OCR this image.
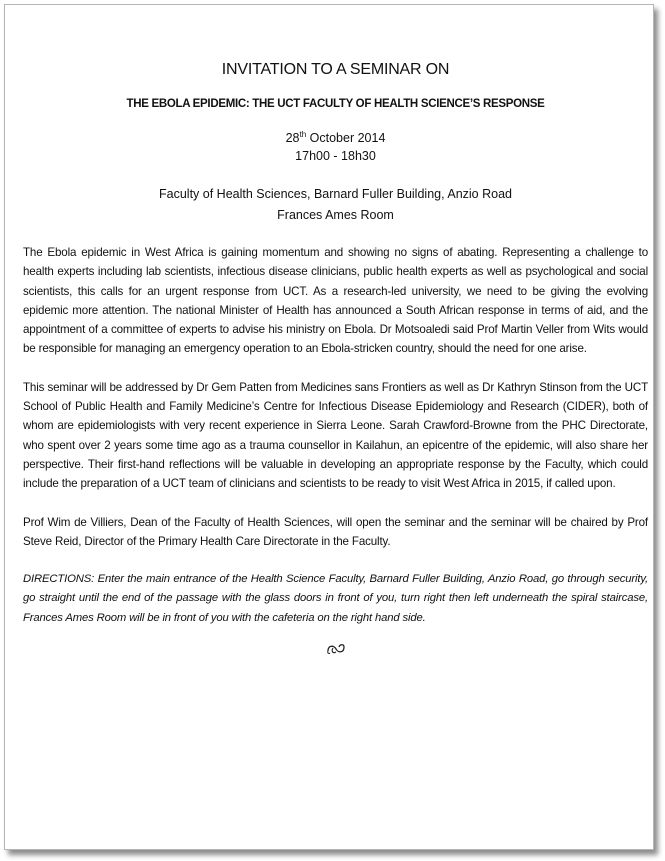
INVITATION TO A SEMINAR ON
THE EBOLA EPIDEMIC: THE UCT FACULTY OF HEALTH SCIENCE’S RESPONSE
28th October 2014
17h00 - 18h30
Faculty of Health Sciences, Barnard Fuller Building, Anzio Road
Frances Ames Room

The Ebola epidemic in West Africa is gaining momentum and showing no signs of abating. Representing a challenge to health experts including lab scientists, infectious disease clinicians, public health experts as well as psychological and social scientists, this calls for an urgent response from UCT. As a research-led university, we need to be giving the evolving epidemic more attention. The national Minister of Health has announced a South African response in terms of aid, and the appointment of a committee of experts to advise his ministry on Ebola. Dr Motsoaledi said Prof Martin Veller from Wits would be responsible for managing an emergency operation to an Ebola-stricken country, should the need for one arise.

This seminar will be addressed by Dr Gem Patten from Medicines sans Frontiers as well as Dr Kathryn Stinson from the UCT School of Public Health and Family Medicine’s Centre for Infectious Disease Epidemiology and Research (CIDER), both of whom are epidemiologists with very recent experience in Sierra Leone. Sarah Crawford-Browne from the PHC Directorate, who spent over 2 years some time ago as a trauma counsellor in Kailahun, an epicentre of the epidemic, will also share her perspective. Their first-hand reflections will be valuable in developing an appropriate response by the Faculty, which could include the preparation of a UCT team of clinicians and scientists to be ready to visit West Africa in 2015, if called upon.

Prof Wim de Villiers, Dean of the Faculty of Health Sciences, will open the seminar and the seminar will be chaired by Prof Steve Reid, Director of the Primary Health Care Directorate in the Faculty.

DIRECTIONS: Enter the main entrance of the Health Science Faculty, Barnard Fuller Building, Anzio Road, go through security, go straight until the end of the passage with the glass doors in front of you, turn right then left underneath the spiral staircase, Frances Ames Room will be in front of you with the cafeteria on the right hand side.
